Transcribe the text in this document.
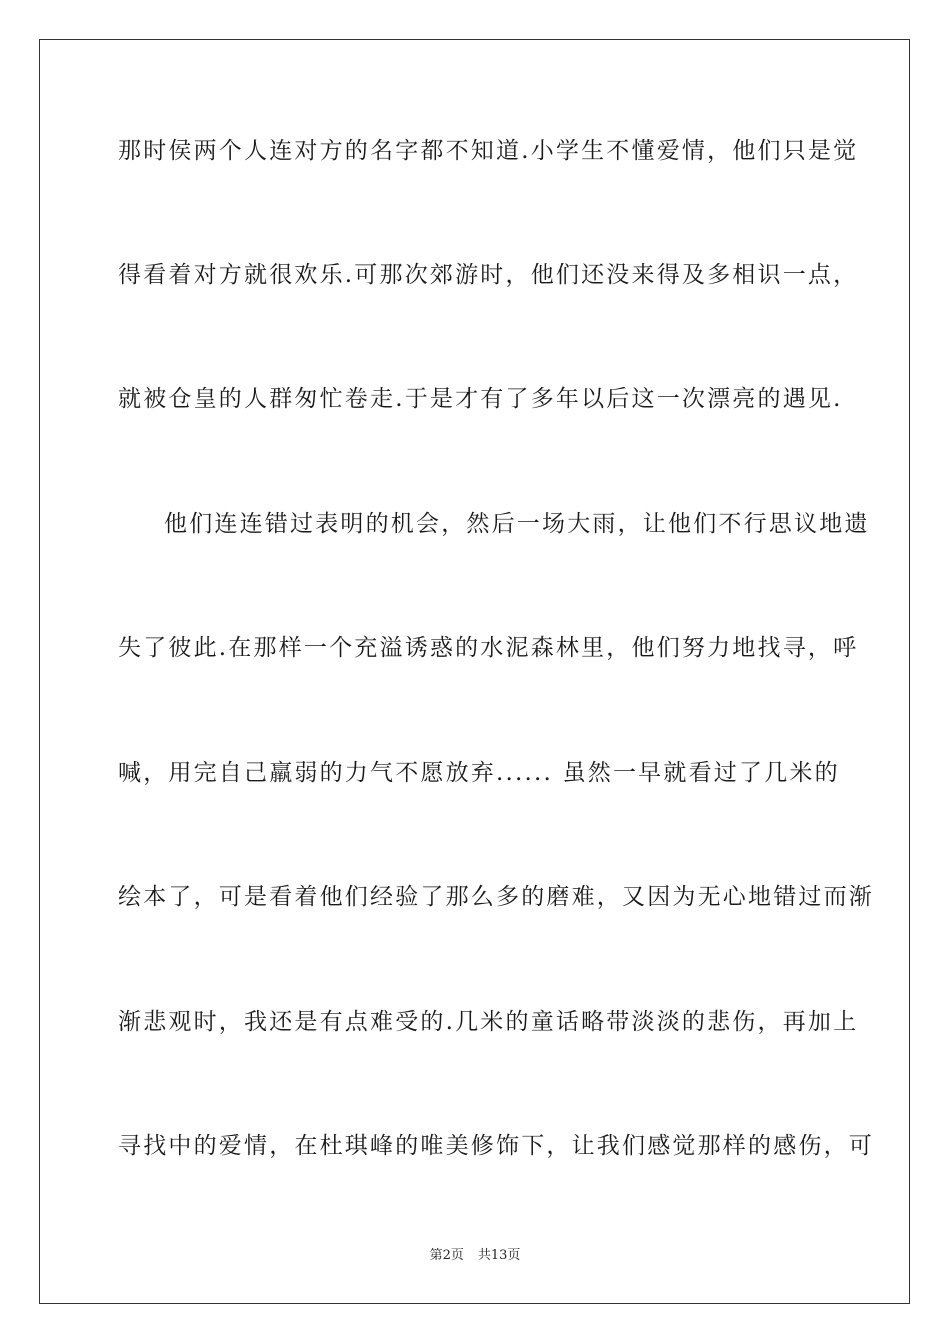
那时侯两个人连对方的名字都不知道.小学生不懂爱情，他们只是觉
得看着对方就很欢乐.可那次郊游时，他们还没来得及多相识一点，
就被仓皇的人群匆忙卷走.于是才有了多年以后这一次漂亮的遇见.
他们连连错过表明的机会，然后一场大雨，让他们不行思议地遗
失了彼此.在那样一个充溢诱惑的水泥森林里，他们努力地找寻，呼
喊，用完自己羸弱的力气不愿放弃...... 虽然一早就看过了几米的
绘本了，可是看着他们经验了那么多的磨难，又因为无心地错过而渐
渐悲观时，我还是有点难受的.几米的童话略带淡淡的悲伤，再加上
寻找中的爱情，在杜琪峰的唯美修饰下，让我们感觉那样的感伤，可
第2页 共13页
